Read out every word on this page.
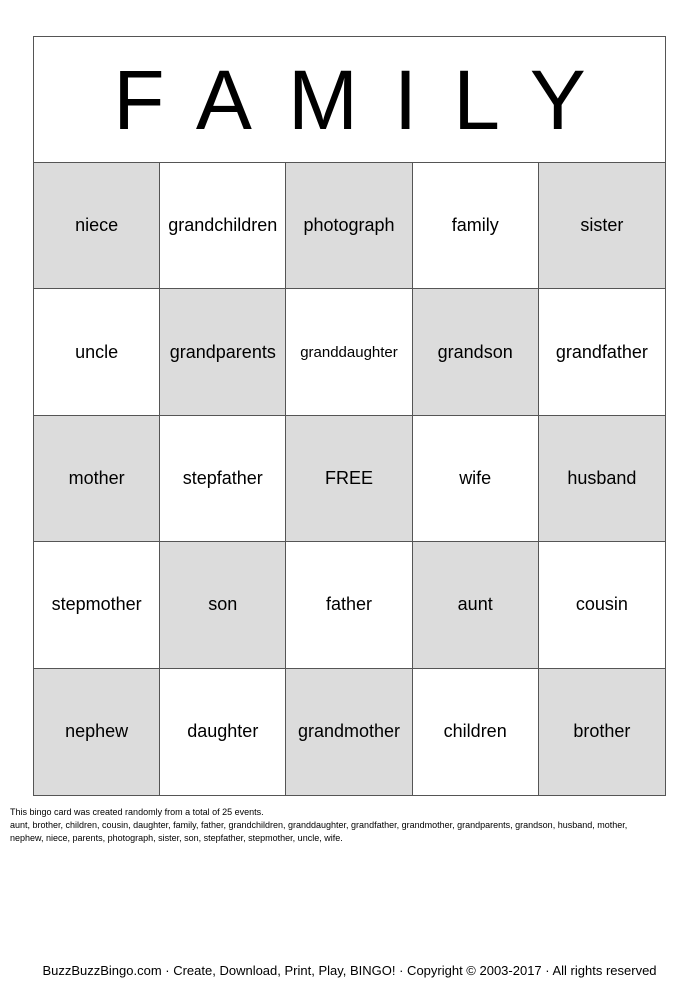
FAMILY
niece	grandchildren	photograph	family	sister
uncle	grandparents	granddaughter	grandson	grandfather
mother	stepfather	FREE	wife	husband
stepmother	son	father	aunt	cousin
nephew	daughter	grandmother	children	brother
This bingo card was created randomly from a total of 25 events.
aunt, brother, children, cousin, daughter, family, father, grandchildren, granddaughter, grandfather, grandmother, grandparents, grandson, husband, mother,
nephew, niece, parents, photograph, sister, son, stepfather, stepmother, uncle, wife.
BuzzBuzzBingo.com · Create, Download, Print, Play, BINGO! · Copyright © 2003-2017 · All rights reserved
